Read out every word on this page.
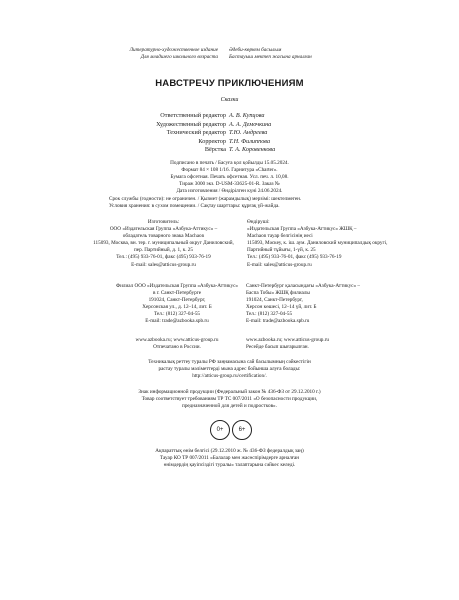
Литературно-художественное издание
Для младшего школьного возраста
Әдеби-көркем басылым
Бастауыш мектеп жасына арналған
НАВСТРЕЧУ ПРИКЛЮЧЕНИЯМ
Сказки
Ответственный редактор А. В. Купцова
Художественный редактор А. А. Демочкина
Технический редактор Т.Ю. Андреева
Корректор Т.Н. Филиппова
Вёрстка Т. А. Коровенкова
Подписано в печать / Басуға қол қойылды 15.05.2024.
Формат 84 × 108 1/16. Гарнитура «Charter».
Бумага офсетная. Печать офсетная. Усл. печ. л. 10,08.
Тираж 3000 экз. D-USM-33625-01-R. Заказ №
Дата изготовления / Өндірілген күні 24.06.2024.
Срок службы (годности): не ограничен. / Қызмет (жарамдылық) мерзімі: шектелмеген.
Условия хранения: в сухом помещении. / Сақтау шарттары: құрғақ үй-жайда.
Изготовитель:
ООО «Издательская Группа «Азбука-Аттикус» –
обладатель товарного знака Machaon
115093, Москва, вн. тер. г. муниципальный округ Даниловский,
пер. Партийный, д. 1, к. 25
Тел.: (495) 933-76-01, факс (495) 933-76-19
E-mail: sales@atticus-group.ru
Өндіруші:
«Издательская Группа «Азбука-Аттикус» ЖШҚ –
Machaon тауар белгісінің иесі
115093, Мәскеу, к. іш. аум. Даниловский муниципалдық округі,
Партийный тұйығы, 1-үй, к. 25
Тел.: (495) 933-76-01, факс (495) 933-76-19
E-mail: sales@atticus-group.ru
Филиал ООО «Издательская Группа «Азбука-Аттикус»
в г. Санкт-Петербурге
191024, Санкт-Петербург,
Херсонская ул., д. 12–14, лит. Б
Тел.: (812) 327-04-55
E-mail: trade@azbooka.spb.ru
Санкт-Петербург қаласындағы «Азбука-Аттикус» –
Баспа Тобы» ЖШҚ филиалы
191024, Санкт-Петербург,
Херсон көшесі, 12–14 үй, лит. Б
Тел.: (812) 327-04-55
E-mail: trade@azbooka.spb.ru
www.azbooka.ru; www.atticus-group.ru
Отпечатано в России.
www.azbooka.ru; www.atticus-group.ru
Ресейде басып шығарылған.
Техникалық реттеу туралы РФ заңнамасына сай басылымның сәйкестігін
растау туралы мәліметтерді мына адрес бойынша алуға болады:
http://atticus-group.ru/certification/.
Знак информационной продукции (Федеральный закон № 436-ФЗ от 29.12.2010 г.)
Товар соответствует требованиям ТР ТС 007/2011 «О безопасности продукции,
предназначенной для детей и подростков».
0+	6+
Ақпараттық өнім белгісі (29.12.2010 ж. № 436-ФЗ федералдық заң)
Тауар КО ТР 007/2011 «Балалар мен жасөспірімдерге арналған
өнімдердің қауіпсіздігі туралы» талаптарына сәйкес келеді.
